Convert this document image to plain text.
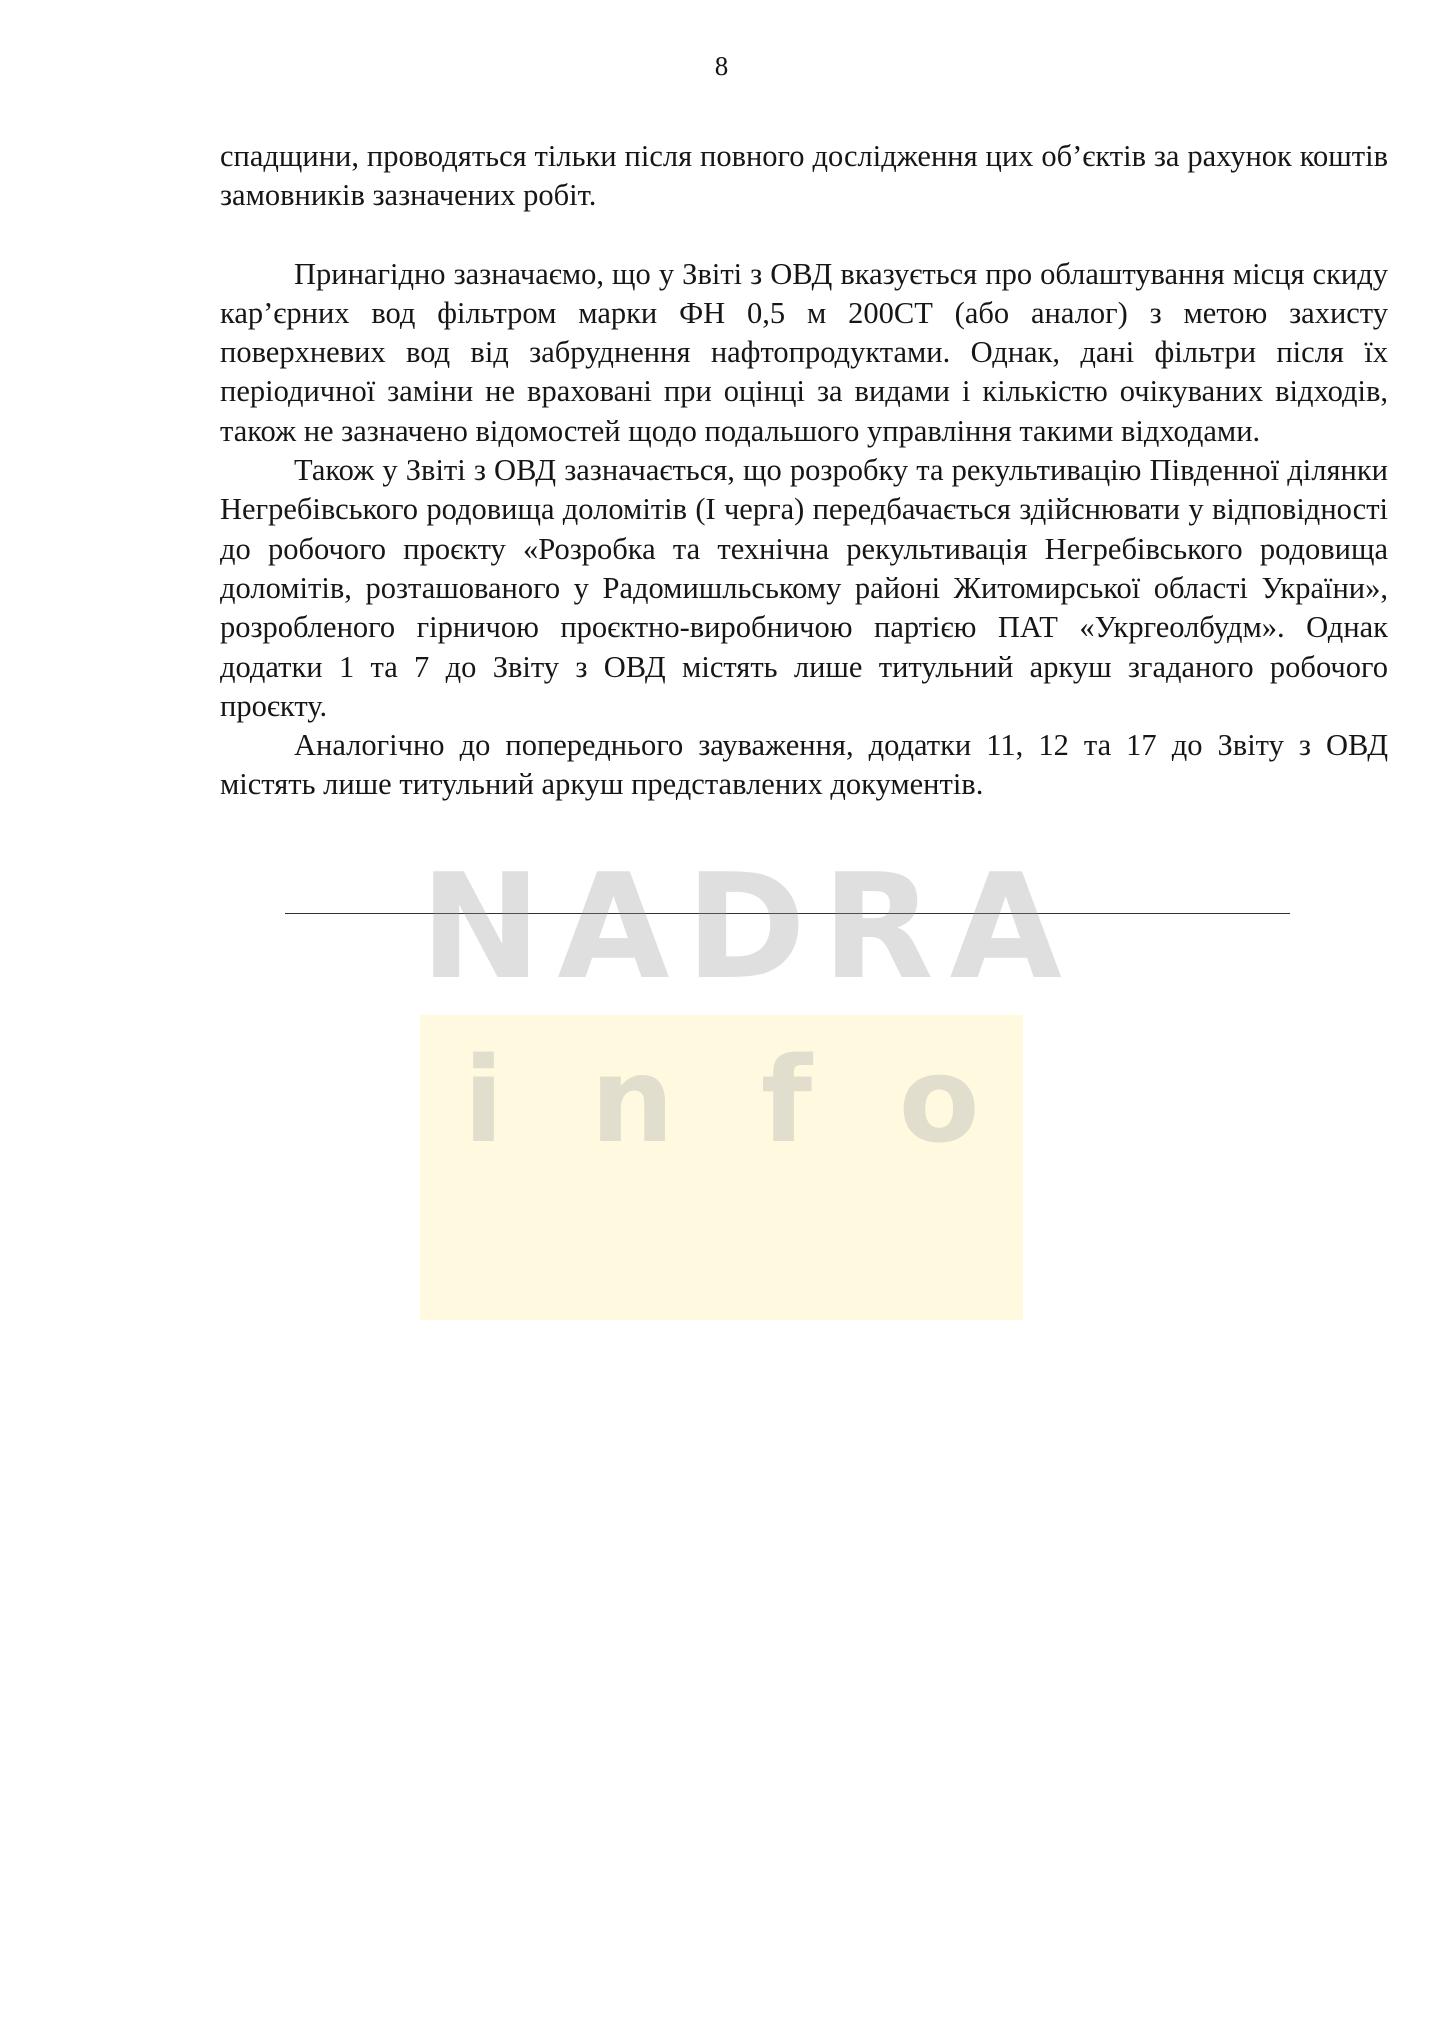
8

спадщини, проводяться тільки після повного дослідження цих об’єктів за рахунок коштів замовників зазначених робіт.

Принагідно зазначаємо, що у Звіті з ОВД вказується про облаштування місця скиду кар’єрних вод фільтром марки ФН 0,5 м 200СТ (або аналог) з метою захисту поверхневих вод від забруднення нафтопродуктами. Однак, дані фільтри після їх періодичної заміни не враховані при оцінці за видами і кількістю очікуваних відходів, також не зазначено відомостей щодо подальшого управління такими відходами.

Також у Звіті з ОВД зазначається, що розробку та рекультивацію Південної ділянки Негребівського родовища доломітів (І черга) передбачається здійснювати у відповідності до робочого проєкту «Розробка та технічна рекультивація Негребівського родовища доломітів, розташованого у Радомишльському районі Житомирської області України», розробленого гірничою проєктно-виробничою партією ПАТ «Укргеолбудм». Однак додатки 1 та 7 до Звіту з ОВД містять лише титульний аркуш згаданого робочого проєкту.

Аналогічно до попереднього зауваження, додатки 11, 12 та 17 до Звіту з ОВД містять лише титульний аркуш представлених документів.

NADRA
i n f o
